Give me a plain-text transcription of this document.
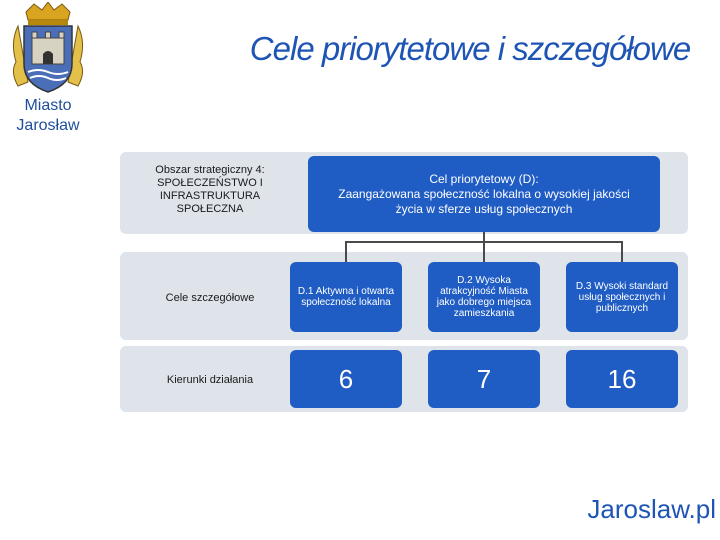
Miasto
Jarosław
Cele priorytetowe i szczegółowe
Obszar strategiczny 4:
SPOŁECZEŃSTWO I
INFRASTRUKTURA
SPOŁECZNA
Cele szczegółowe
Kierunki działania
Cel priorytetowy (D):
Zaangażowana społeczność lokalna o wysokiej jakości życia w sferze usług społecznych
D.1 Aktywna i otwarta społeczność lokalna
D.2 Wysoka atrakcyjność Miasta jako dobrego miejsca zamieszkania
D.3 Wysoki standard usług społecznych i publicznych
6	7	16
Jaroslaw.pl
